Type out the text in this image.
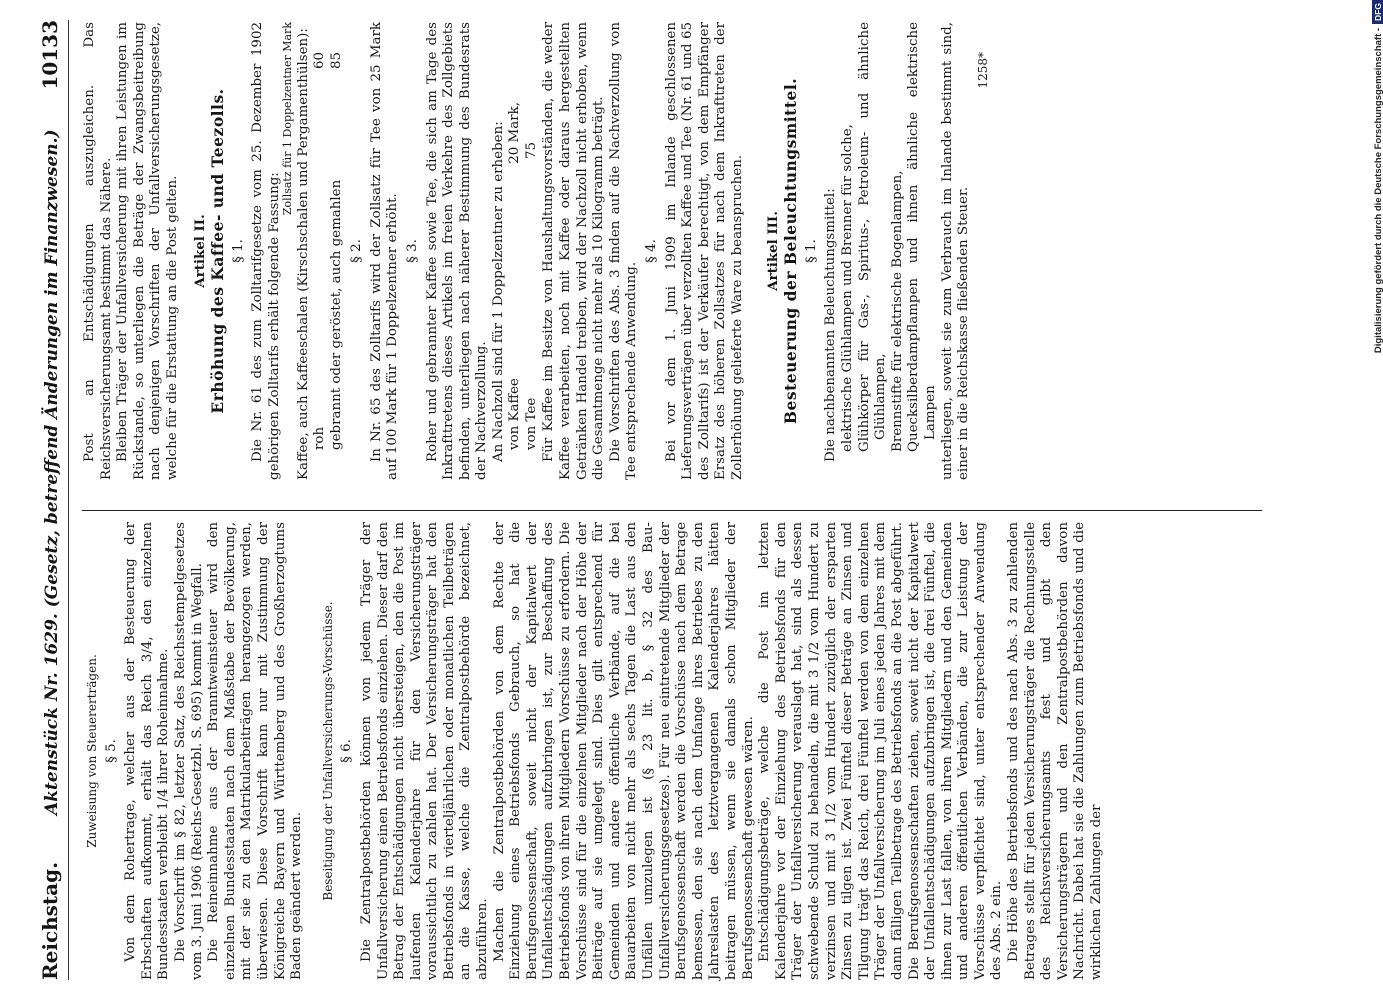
Reichstag.
Aktenstück Nr. 1629. (Gesetz, betreffend Änderungen im Finanzwesen.)
10133
Zuweisung von Steuererträgen. § 5. Von dem Rohertrage, welcher aus der Besteuerung der Erbschaften aufkommt, erhält das Reich 3/4, den einzelnen Bundesstaaten verbleibt 1/4 ihrer Roheinnahme. Die Vorschrift im § 82, letzter Satz, des Reichsstempelgesetzes vom 3. Juni 1906 (Reichs-Gesetzbl. S. 695) kommt in Wegfall. Die Reineinnahme aus der Branntweinsteuer wird den einzelnen Bundesstaaten nach dem Maßstabe der Bevölkerung, mit der sie zu den Matrikularbeiträgen herangezogen werden, überwiesen. Diese Vorschrift kann nur mit Zustimmung der Königreiche Bayern und Württemberg und des Großherzogtums Baden geändert werden. Beseitigung der Unfallversicherungs-Vorschüsse. § 6. Die Zentralpostbehörden können von jedem Träger der Unfallversicherung einen Betriebsfonds einziehen. Dieser darf den Betrag der Entschädigungen nicht übersteigen, den die Post im laufenden Kalenderjahre für den Versicherungsträger voraussichtlich zu zahlen hat. Der Versicherungsträger hat den Betriebsfonds in vierteljährlichen oder monatlichen Teilbeträgen an die Kasse, welche die Zentralpostbehörde bezeichnet, abzuführen. Machen die Zentralpostbehörden von dem Rechte der Einziehung eines Betriebsfonds Gebrauch, so hat die Berufsgenossenschaft, soweit nicht der Kapitalwert der Unfallentschädigungen aufzubringen ist, zur Beschaffung des Betriebsfonds von ihren Mitgliedern Vorschüsse zu erfordern. Die Vorschüsse sind für die einzelnen Mitglieder nach der Höhe der Beiträge auf sie umgelegt sind. Dies gilt entsprechend für Gemeinden und andere öffentliche Verbände, auf die bei Bauarbeiten von nicht mehr als sechs Tagen die Last aus den Unfällen umzulegen ist (§ 23 lit. b, § 32 des Bau-Unfallversicherungsgesetzes). Für neu eintretende Mitglieder der Berufsgenossenschaft werden die Vorschüsse nach dem Betrage bemessen, den sie nach dem Umfange ihres Betriebes zu den Jahreslasten des letztvergangenen Kalenderjahres hätten beitragen müssen, wenn sie damals schon Mitglieder der Berufsgenossenschaft gewesen wären. Entschädigungsbeträge, welche die Post im letzten Kalenderjahre vor der Einziehung des Betriebsfonds für den Träger der Unfallversicherung verauslagt hat, sind als dessen schwebende Schuld zu behandeln, die mit 3 1/2 vom Hundert zu verzinsen und mit 3 1/2 vom Hundert zuzüglich der ersparten Zinsen zu tilgen ist. Zwei Fünftel dieser Beträge an Zinsen und Tilgung trägt das Reich, drei Fünftel werden von dem einzelnen Träger der Unfallversicherung im Juli eines jeden Jahres mit dem dann fälligen Teilbetrage des Betriebsfonds an die Post abgeführt. Die Berufsgenossenschaften ziehen, soweit nicht der Kapitalwert der Unfallentschädigungen aufzubringen ist, die drei Fünftel, die ihnen zur Last fallen, von ihren Mitgliedern und den Gemeinden und anderen öffentlichen Verbänden, die zur Leistung der Vorschüsse verpflichtet sind, unter entsprechender Anwendung des Abs. 2 ein. Die Höhe des Betriebsfonds und des nach Abs. 3 zu zahlenden Betrages stellt für jeden Versicherungsträger die Rechnungsstelle des Reichsversicherungsamts fest und gibt den Versicherungsträgern und den Zentralpostbehörden davon Nachricht. Dabei hat sie die Zahlungen zum Betriebsfonds und die wirklichen Zahlungen der

Post an Entschädigungen auszugleichen. Das Reichsversicherungsamt bestimmt das Nähere. Bleiben Träger der Unfallversicherung mit ihren Leistungen im Rückstande, so unterliegen die Beträge der Zwangsbeitreibung nach denjenigen Vorschriften der Unfallversicherungsgesetze, welche für die Erstattung an die Post gelten. Artikel II. Erhöhung des Kaffee- und Teezolls. § 1. Die Nr. 61 des zum Zolltarifgesetze vom 25. Dezember 1902 gehörigen Zolltarifs erhält folgende Fassung:

Zollsatz für 1 Doppelzentner Mark Kaffee, auch Kaffeeschalen (Kirschschalen und Pergamenthülsen): roh
60
gebrannt oder geröstet, auch gemahlen
85
§ 2. In Nr. 65 des Zolltarifs wird der Zollsatz für Tee von 25 Mark auf 100 Mark für 1 Doppelzentner erhöht. § 3. Roher und gebrannter Kaffee sowie Tee, die sich am Tage des Inkrafttretens dieses Artikels im freien Verkehre des Zollgebiets befinden, unterliegen nach näherer Bestimmung des Bundesrats der Nachverzollung. An Nachzoll sind für 1 Doppelzentner zu erheben: von Kaffee
20 Mark,
von Tee
75 Für Kaffee im Besitze von Haushaltungsvorständen, die weder Kaffee verarbeiten, noch mit Kaffee oder daraus hergestellten Getränken Handel treiben, wird der Nachzoll nicht erhoben, wenn die Gesamtmenge nicht mehr als 10 Kilogramm beträgt. Die Vorschriften des Abs. 3 finden auf die Nachverzollung von Tee entsprechende Anwendung.

§ 4. Bei vor dem 1. Juni 1909 im Inlande geschlossenen Lieferungsverträgen über verzollten Kaffee und Tee (Nr. 61 und 65 des Zolltarifs) ist der Verkäufer berechtigt, von dem Empfänger Ersatz des höheren Zollsatzes für nach dem Inkrafttreten der Zollerhöhung gelieferte Ware zu beanspruchen. Artikel III. Besteuerung der Beleuchtungsmittel. § 1. Die nachbenannten Beleuchtungsmittel: elektrische Glühlampen und Brenner für solche, Glühkörper für Gas-, Spiritus-, Petroleum- und ähnliche Glühlampen, Brennstifte für elektrische Bogenlampen, Quecksilberdampflampen und ihnen ähnliche elektrische Lampen unterliegen, soweit sie zum Verbrauch im Inlande bestimmt sind, einer in die Reichskasse fließenden Steuer.

1258*	Digitalisierung gefördert durch die Deutsche Forschungsgemeinschaft -
DFG
